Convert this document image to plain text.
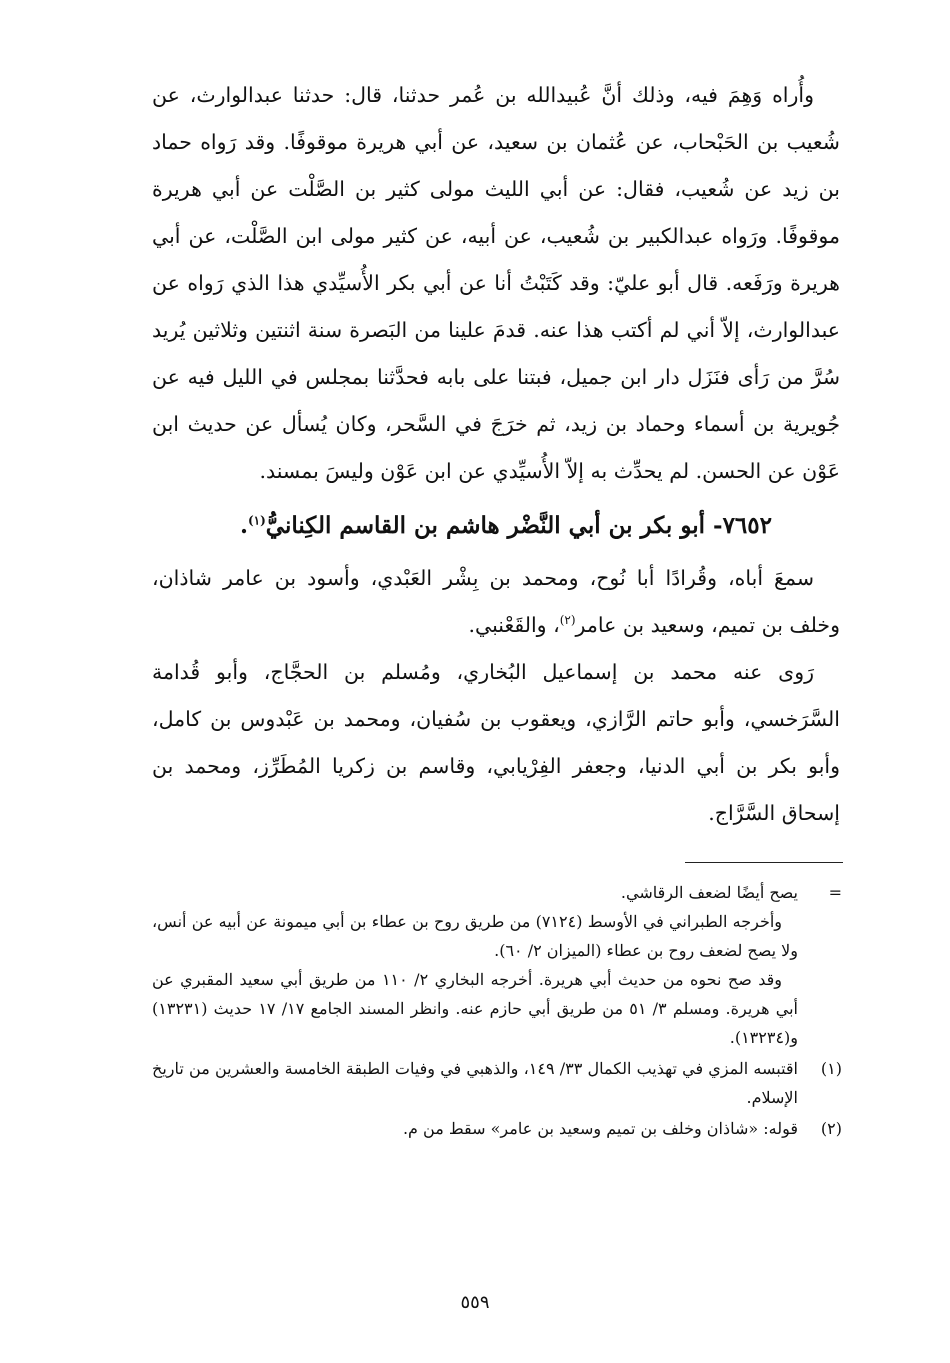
وأُراه وَهِمَ فيه، وذلك أنَّ عُبيدالله بن عُمر حدثنا، قال: حدثنا عبدالوارث، عن شُعيب بن الحَبْحاب، عن عُثمان بن سعيد، عن أبي هريرة موقوفًا. وقد رَواه حماد بن زيد عن شُعيب، فقال: عن أبي الليث مولى كثير بن الصَّلْت عن أبي هريرة موقوفًا. ورَواه عبدالكبير بن شُعيب، عن أبيه، عن كثير مولى ابن الصَّلْت، عن أبي هريرة ورَفَعه. قال أبو عليّ: وقد كَتَبْتُ أنا عن أبي بكر الأُسيِّدي هذا الذي رَواه عن عبدالوارث، إلاّ أني لم أكتب هذا عنه. قدمَ علينا من البَصرة سنة اثنتين وثلاثين يُريد سُرَّ من رَأى فنَزَل دار ابن جميل، فبتنا على بابه فحدَّثنا بمجلس في الليل فيه عن جُويرية بن أسماء وحماد بن زيد، ثم خرَجَ في السَّحر، وكان يُسأل عن حديث ابن عَوْن عن الحسن. لم يحدِّث به إلاّ الأُسيِّدي عن ابن عَوْن وليسَ بمسند.

٧٦٥٢- أبو بكر بن أبي النَّضْر هاشم بن القاسم الكِنانيُّ$^{(١)}$.

سمعَ أباه، وقُرادًا أبا نُوح، ومحمد بن بِشْر العَبْدي، وأسود بن عامر شاذان، وخلف بن تميم، وسعيد بن عامر$^{(٢)}$، والقَعْنبي.

رَوى عنه محمد بن إسماعيل البُخاري، ومُسلم بن الحجَّاج، وأبو قُدامة السَّرَخسي، وأبو حاتم الرَّازي، ويعقوب بن سُفيان، ومحمد بن عَبْدوس بن كامل، وأبو بكر بن أبي الدنيا، وجعفر الفِرْيابي، وقاسم بن زكريا المُطَرِّز، ومحمد بن إسحاق السَّرَّاج.

=
يصح أيضًا لضعف الرقاشي.
وأخرجه الطبراني في الأوسط (٧١٢٤) من طريق روح بن عطاء بن أبي ميمونة عن أبيه عن أنس، ولا يصح لضعف روح بن عطاء (الميزان ٢/ ٦٠).
وقد صح نحوه من حديث أبي هريرة. أخرجه البخاري ٢/ ١١٠ من طريق أبي سعيد المقبري عن أبي هريرة. ومسلم ٣/ ٥١ من طريق أبي حازم عنه. وانظر المسند الجامع ١٧/ ١٧ حديث (١٣٢٣١) و(١٣٢٣٤).
(١)
اقتبسه المزي في تهذيب الكمال ٣٣/ ١٤٩، والذهبي في وفيات الطبقة الخامسة والعشرين من تاريخ الإسلام.
(٢)
قوله: «شاذان وخلف بن تميم وسعيد بن عامر» سقط من م.
٥٥٩
